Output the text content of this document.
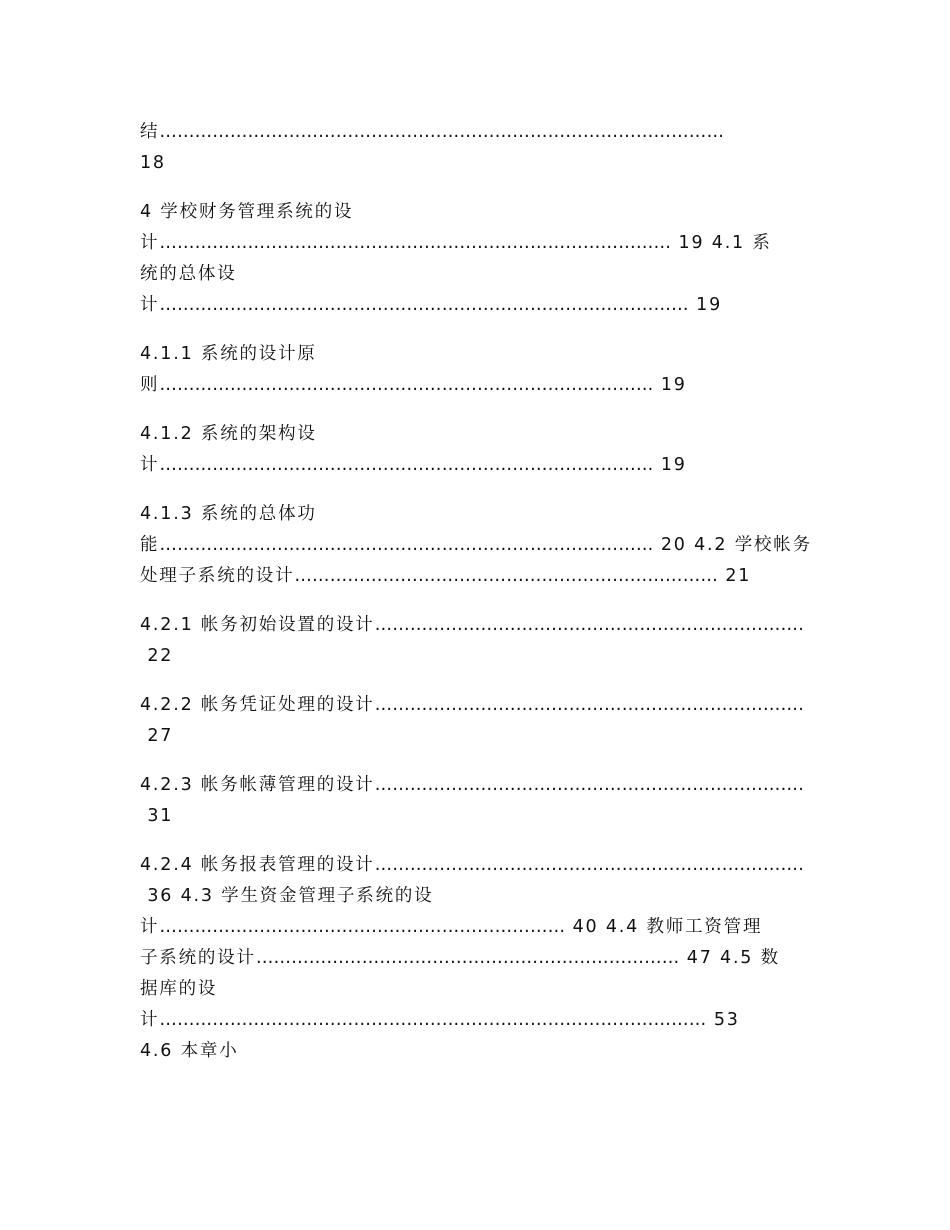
结……………………………………………………………………………………
18
4 学校财务管理系统的设
计…………………………………………………………………………… 19 4.1 系
统的总体设
计……………………………………………………………………………… 19
4.1.1 系统的设计原
则………………………………………………………………………… 19
4.1.2 系统的架构设
计………………………………………………………………………… 19
4.1.3 系统的总体功
能………………………………………………………………………… 20 4.2 学校帐务
处理子系统的设计……………………………………………………………… 21
4.2.1 帐务初始设置的设计……………………………………………………………….
22
4.2.2 帐务凭证处理的设计……………………………………………………………….
27
4.2.3 帐务帐薄管理的设计……………………………………………………………….
31
4.2.4 帐务报表管理的设计……………………………………………………………….
36 4.3 学生资金管理子系统的设
计…………………………………………………………… 40 4.4 教师工资管理
子系统的设计……………………………………………………………… 47 4.5 数
据库的设
计………………………………………………………………………………… 53
4.6 本章小
